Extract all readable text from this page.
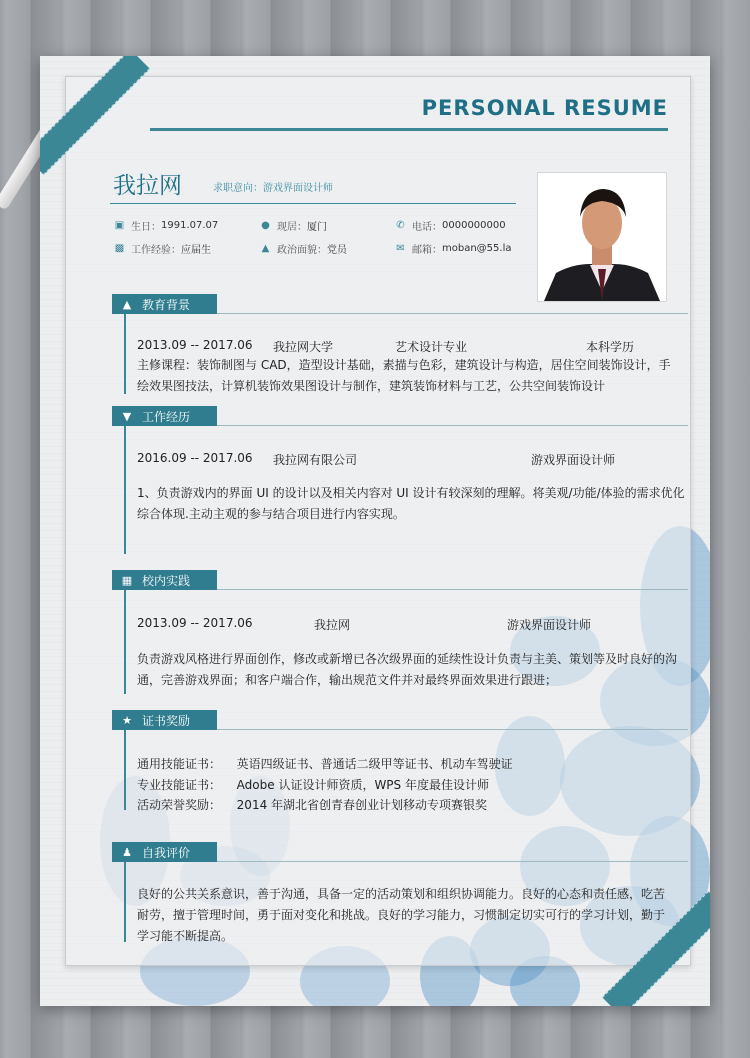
PERSONAL RESUME
我拉网	求职意向：游戏界面设计师
▣ 生日： 1991.07.07	● 现居： 厦门	✆ 电话： 0000000000
▩ 工作经验： 应届生	▲ 政治面貌： 党员	✉ 邮箱： moban@55.la
▲ 教育背景
2013.09 -- 2017.06 我拉网大学	艺术设计专业	本科学历
主修课程：装饰制图与 CAD，造型设计基础，素描与色彩，建筑设计与构造，居住空间装饰设计，手绘效果图技法，计算机装饰效果图设计与制作，建筑装饰材料与工艺，公共空间装饰设计
▼ 工作经历
2016.09 -- 2017.06 我拉网有限公司	游戏界面设计师
1、负责游戏内的界面 UI 的设计以及相关内容对 UI 设计有较深刻的理解。将美观/功能/体验的需求优化综合体现.主动主观的参与结合项目进行内容实现。
▦ 校内实践
2013.09 -- 2017.06	我拉网	游戏界面设计师
负责游戏风格进行界面创作，修改或新增已各次级界面的延续性设计负责与主美、策划等及时良好的沟通，完善游戏界面；和客户端合作，输出规范文件并对最终界面效果进行跟进；
★ 证书奖励
通用技能证书： 英语四级证书、普通话二级甲等证书、机动车驾驶证
专业技能证书： Adobe 认证设计师资质，WPS 年度最佳设计师
活动荣誉奖励： 2014 年湖北省创青春创业计划移动专项赛银奖
♟ 自我评价
良好的公共关系意识，善于沟通，具备一定的活动策划和组织协调能力。良好的心态和责任感，吃苦耐劳，擅于管理时间，勇于面对变化和挑战。良好的学习能力，习惯制定切实可行的学习计划，勤于学习能不断提高。
